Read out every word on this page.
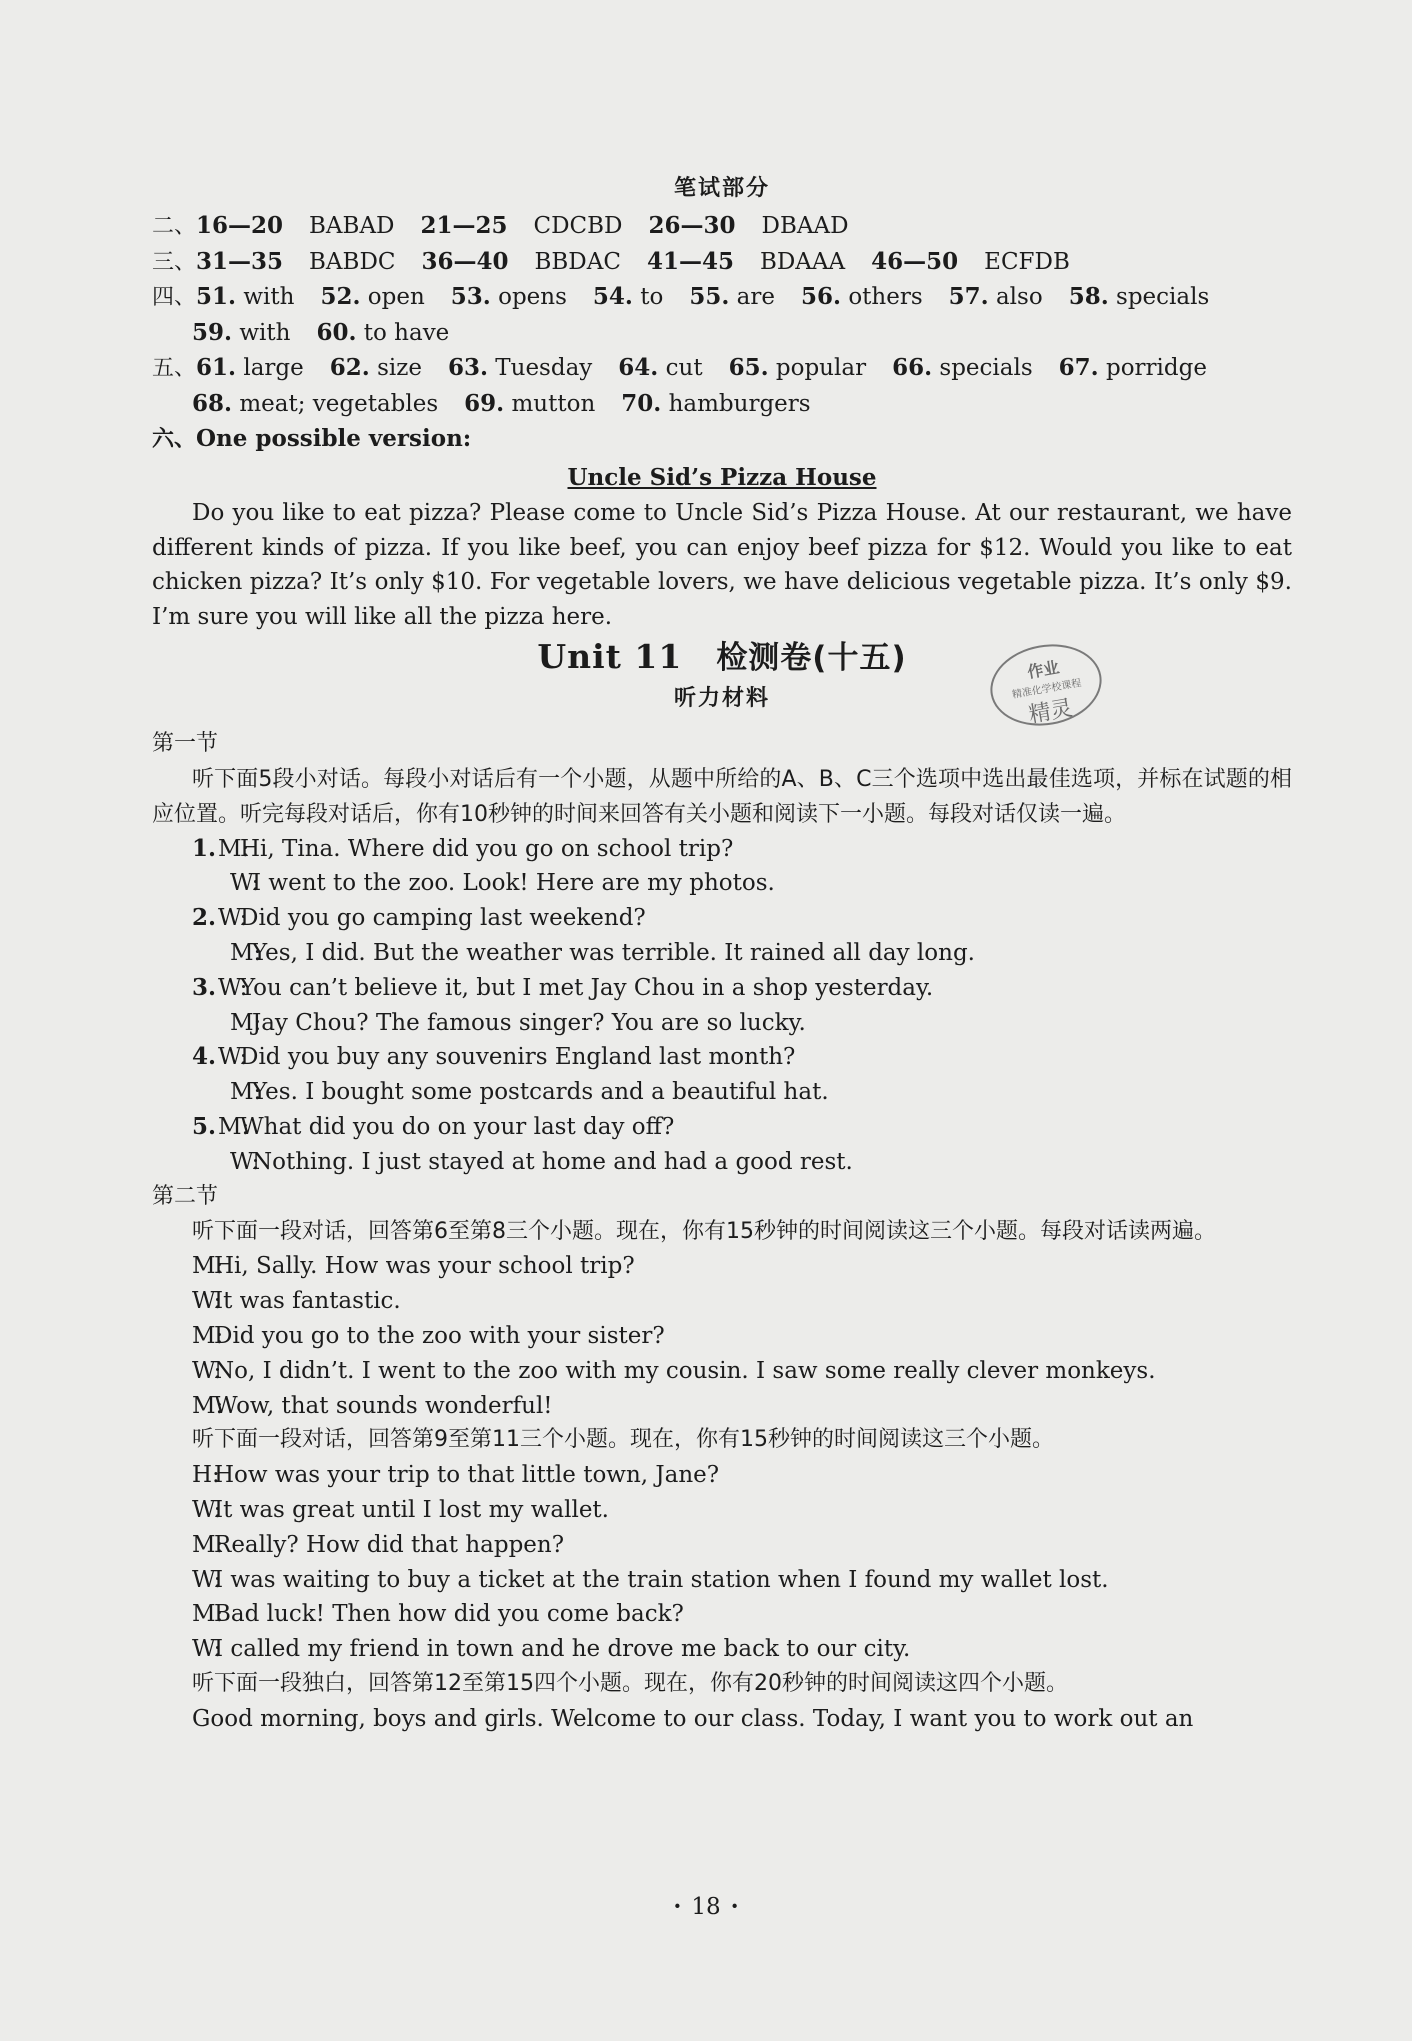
笔试部分
二、16—20 BABAD 21—25 CDCBD 26—30 DBAAD
三、31—35 BABDC 36—40 BBDAC 41—45 BDAAA 46—50 ECFDB
四、51. with 52. open 53. opens 54. to 55. are 56. others 57. also 58. specials
59. with 60. to have
五、61. large 62. size 63. Tuesday 64. cut 65. popular 66. specials 67. porridge
68. meat; vegetables 69. mutton 70. hamburgers
六、One possible version:
Uncle Sid’s Pizza House
Do you like to eat pizza? Please come to Uncle Sid’s Pizza House. At our restaurant, we have different kinds of pizza. If you like beef, you can enjoy beef pizza for $12. Would you like to eat chicken pizza? It’s only $10. For vegetable lovers, we have delicious vegetable pizza. It’s only $9. I’m sure you will like all the pizza here.
Unit 11 检测卷(十五)
听力材料
第一节
听下面5段小对话。每段小对话后有一个小题，从题中所给的A、B、C三个选项中选出最佳选项，并标在试题的相应位置。听完每段对话后，你有10秒钟的时间来回答有关小题和阅读下一小题。每段对话仅读一遍。
1.M:Hi, Tina. Where did you go on school trip?
W:I went to the zoo. Look! Here are my photos.
2.W:Did you go camping last weekend?
M:Yes, I did. But the weather was terrible. It rained all day long.
3.W:You can’t believe it, but I met Jay Chou in a shop yesterday.
M:Jay Chou? The famous singer? You are so lucky.
4.W:Did you buy any souvenirs England last month?
M:Yes. I bought some postcards and a beautiful hat.
5.M:What did you do on your last day off?
W:Nothing. I just stayed at home and had a good rest.
第二节
听下面一段对话，回答第6至第8三个小题。现在，你有15秒钟的时间阅读这三个小题。每段对话读两遍。
M:Hi, Sally. How was your school trip?
W:It was fantastic.
M:Did you go to the zoo with your sister?
W:No, I didn’t. I went to the zoo with my cousin. I saw some really clever monkeys.
M:Wow, that sounds wonderful!
听下面一段对话，回答第9至第11三个小题。现在，你有15秒钟的时间阅读这三个小题。
H:How was your trip to that little town, Jane?
W:It was great until I lost my wallet.
M:Really? How did that happen?
W:I was waiting to buy a ticket at the train station when I found my wallet lost.
M:Bad luck! Then how did you come back?
W:I called my friend in town and he drove me back to our city.
听下面一段独白，回答第12至第15四个小题。现在，你有20秒钟的时间阅读这四个小题。
Good morning, boys and girls. Welcome to our class. Today, I want you to work out an
作业
精准化学校课程
精灵
· 18 ·
